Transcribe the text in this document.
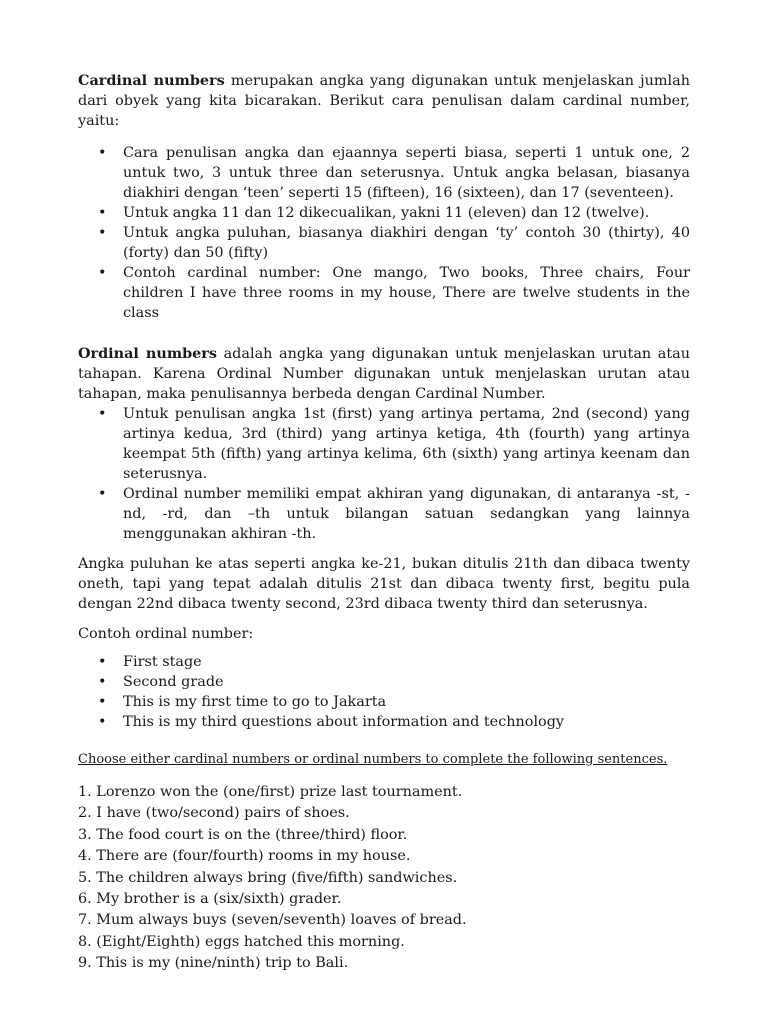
Cardinal numbers merupakan angka yang digunakan untuk menjelaskan jumlah dari obyek yang kita bicarakan. Berikut cara penulisan dalam cardinal number, yaitu:

• Cara penulisan angka dan ejaannya seperti biasa, seperti 1 untuk one, 2 untuk two, 3 untuk three dan seterusnya. Untuk angka belasan, biasanya diakhiri dengan ‘teen’ seperti 15 (fifteen), 16 (sixteen), dan 17 (seventeen).
• Untuk angka 11 dan 12 dikecualikan, yakni 11 (eleven) dan 12 (twelve).
• Untuk angka puluhan, biasanya diakhiri dengan ‘ty’ contoh 30 (thirty), 40 (forty) dan 50 (fifty)
• Contoh cardinal number: One mango, Two books, Three chairs, Four children I have three rooms in my house, There are twelve students in the class

Ordinal numbers adalah angka yang digunakan untuk menjelaskan urutan atau tahapan. Karena Ordinal Number digunakan untuk menjelaskan urutan atau tahapan, maka penulisannya berbeda dengan Cardinal Number.

• Untuk penulisan angka 1st (first) yang artinya pertama, 2nd (second) yang artinya kedua, 3rd (third) yang artinya ketiga, 4th (fourth) yang artinya keempat 5th (fifth) yang artinya kelima, 6th (sixth) yang artinya keenam dan seterusnya.
• Ordinal number memiliki empat akhiran yang digunakan, di antaranya -st, -nd, -rd, dan –th untuk bilangan satuan sedangkan yang lainnya menggunakan akhiran -th.

Angka puluhan ke atas seperti angka ke-21, bukan ditulis 21th dan dibaca twenty oneth, tapi yang tepat adalah ditulis 21st dan dibaca twenty first, begitu pula dengan 22nd dibaca twenty second, 23rd dibaca twenty third dan seterusnya.

Contoh ordinal number:

• First stage
• Second grade
• This is my first time to go to Jakarta
• This is my third questions about information and technology

Choose either cardinal numbers or ordinal numbers to complete the following sentences.

1. Lorenzo won the (one/first) prize last tournament.

2. I have (two/second) pairs of shoes.

3. The food court is on the (three/third) floor.

4. There are (four/fourth) rooms in my house.

5. The children always bring (five/fifth) sandwiches.

6. My brother is a (six/sixth) grader.

7. Mum always buys (seven/seventh) loaves of bread.

8. (Eight/Eighth) eggs hatched this morning.

9. This is my (nine/ninth) trip to Bali.
